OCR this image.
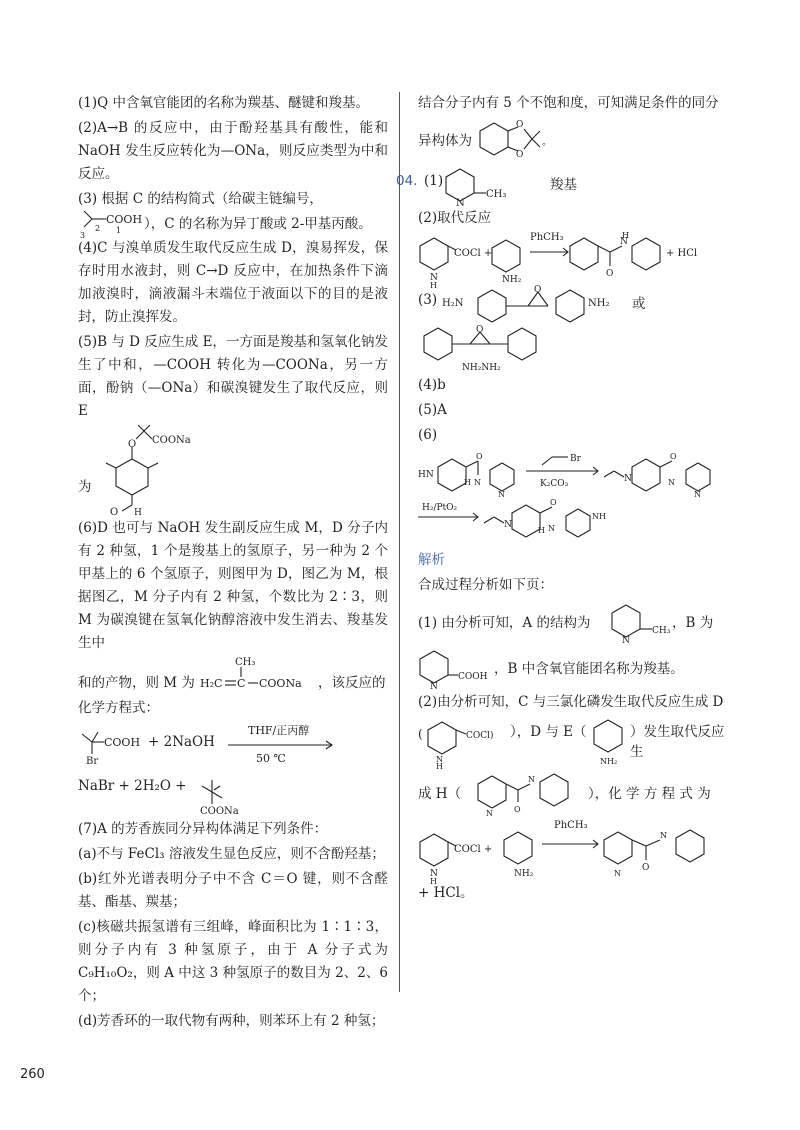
(1)Q 中含氧官能团的名称为羰基、醚键和羧基。

(2)A→B 的反应中，由于酚羟基具有酸性，能和 NaOH 发生反应转化为—ONa，则反应类型为中和反应。

(3) 根据 C 的结构简式（给碳主链编号，

COOH
2 1
3
），C 的名称为异丁酸或 2-甲基丙酸。

(4)C 与溴单质发生取代反应生成 D，溴易挥发，保存时用水液封，则 C→D 反应中，在加热条件下滴加液溴时，滴液漏斗末端位于液面以下的目的是液封，防止溴挥发。

(5)B 与 D 反应生成 E，一方面是羧基和氢氧化钠发生了中和，—COOH 转化为—COONa，另一方面，酚钠（—ONa）和碳溴键发生了取代反应，则 E

为
O COONa
O H

(6)D 也可与 NaOH 发生副反应生成 M，D 分子内有 2 种氢，1 个是羧基上的氢原子，另一种为 2 个甲基上的 6 个氢原子，则图甲为 D，图乙为 M，根据图乙，M 分子内有 2 种氢，个数比为 2∶3，则 M 为碳溴键在氢氧化钠醇溶液中发生消去、羧基发生中

和的产物，则 M 为 H₂C C
CH₃
COONa ，该反应的

化学方程式：

COOH
Br
+ 2NaOH
THF/正丙醇
50 ℃
NaBr + 2H₂O +
COONa

(7)A 的芳香族同分异构体满足下列条件：

(a)不与 FeCl₃ 溶液发生显色反应，则不含酚羟基；

(b)红外光谱表明分子中不含 C＝O 键，则不含醛基、酯基、羰基；

(c)核磁共振氢谱有三组峰，峰面积比为 1∶1∶3，则分子内有 3 种氢原子，由于 A 分子式为 C₉H₁₀O₂，则 A 中这 3 种氢原子的数目为 2、2、6 个；

(d)芳香环的一取代物有两种，则苯环上有 2 种氢；

结合分子内有 5 个不饱和度，可知满足条件的同分

异构体为
O
O
。
04. (1)
N
CH₃
羧基

(2)取代反应

N
H
COCl +
NH₂
O
N
H
+ HCl
PhCH₃
(3) H₂N
O
NH₂ 或
O
NH₂NH₂

(4)b

(5)A

(6)

HN
O
N
H
N
Br
N
O
N
N
K₂CO₃
H₂/PtO₂
N
O
N
H
NH

解析

合成过程分析如下页：

(1) 由分析可知，A 的结构为
N
CH₃ ，B 为
N
COOH ，B 中含氧官能团名称为羧基。

(2)由分析可知，C 与三氯化磷发生取代反应生成 D

(
N
H
COCl) ），D 与 E（
NH₂
）发生取代反应生
成 H（
N	O
N
），化 学 方 程 式 为
N
H
COCl +
NH₂	N
O
N
PhCH₃

+ HCl。

260
